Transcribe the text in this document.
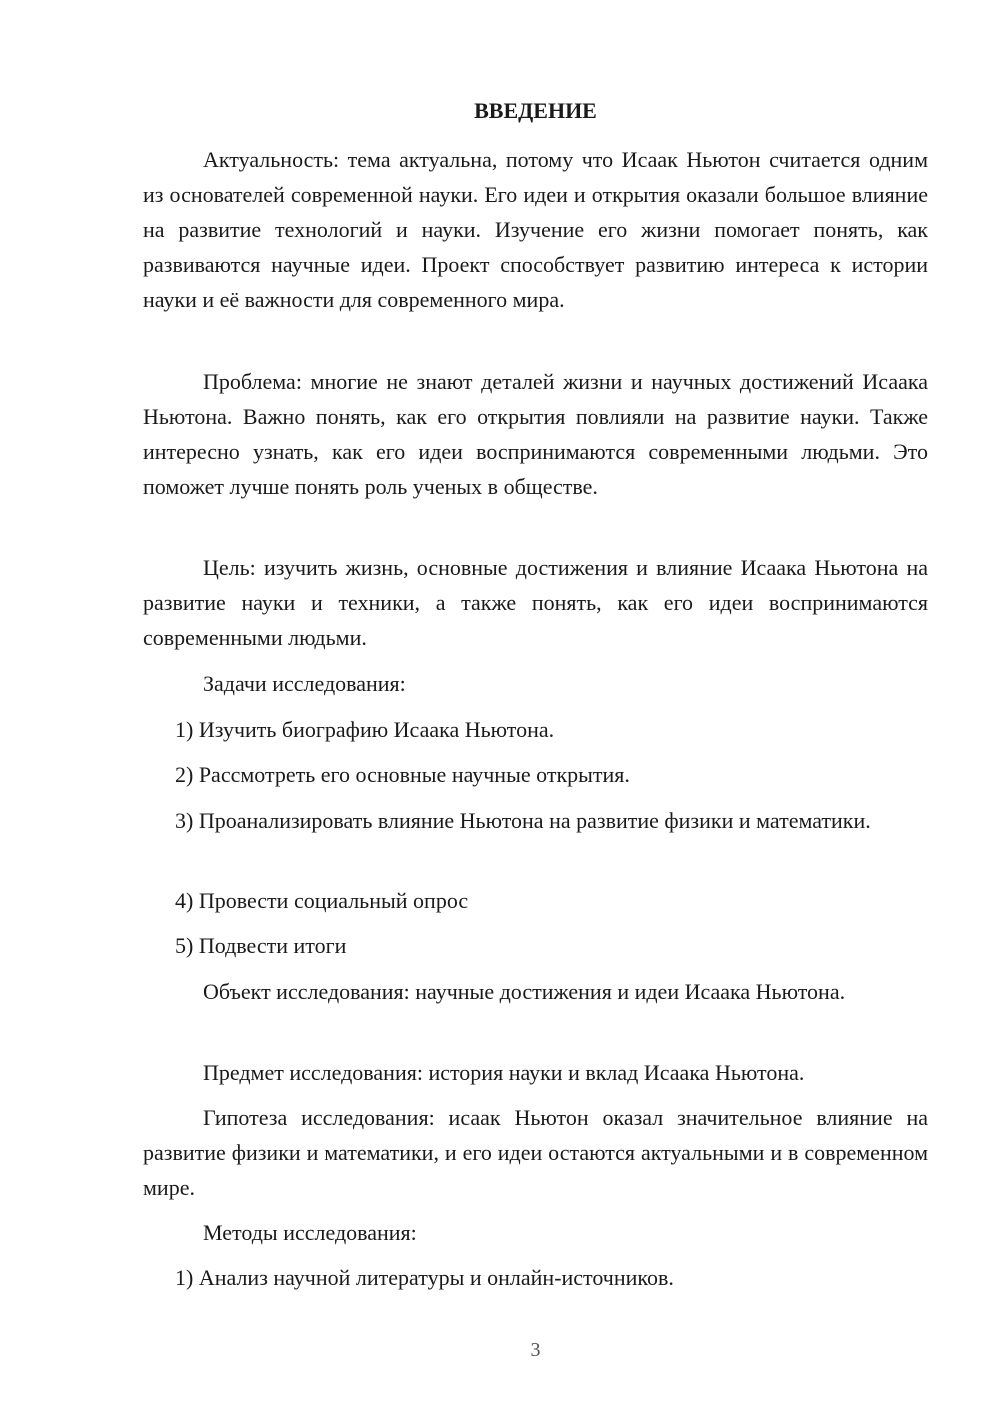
ВВЕДЕНИЕ

Актуальность: тема актуальна, потому что Исаак Ньютон считается одним из основателей современной науки. Его идеи и открытия оказали большое влияние на развитие технологий и науки. Изучение его жизни помогает понять, как развиваются научные идеи. Проект способствует развитию интереса к истории науки и её важности для современного мира.

Проблема: многие не знают деталей жизни и научных достижений Исаака Ньютона. Важно понять, как его открытия повлияли на развитие науки. Также интересно узнать, как его идеи воспринимаются современными людьми. Это поможет лучше понять роль ученых в обществе.

Цель: изучить жизнь, основные достижения и влияние Исаака Ньютона на развитие науки и техники, а также понять, как его идеи воспринимаются современными людьми.

Задачи исследования:

1) Изучить биографию Исаака Ньютона.

2) Рассмотреть его основные научные открытия.

3) Проанализировать влияние Ньютона на развитие физики и математики.

4) Провести социальный опрос

5) Подвести итоги

Объект исследования: научные достижения и идеи Исаака Ньютона.

Предмет исследования: история науки и вклад Исаака Ньютона.

Гипотеза исследования: исаак Ньютон оказал значительное влияние на развитие физики и математики, и его идеи остаются актуальными и в современном мире.

Методы исследования:

1) Анализ научной литературы и онлайн-источников.

3
